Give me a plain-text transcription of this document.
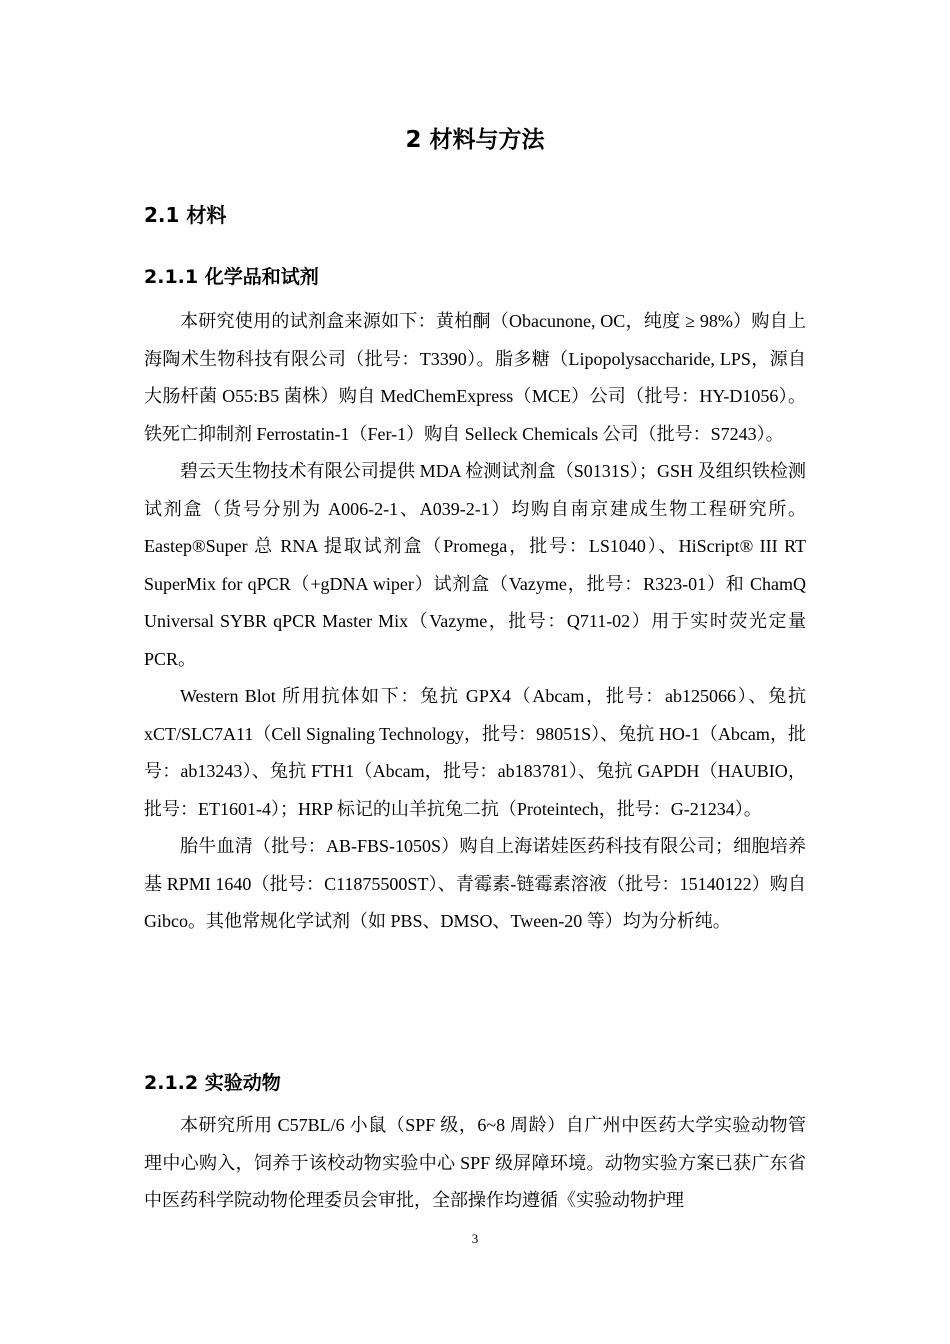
2 材料与方法
2.1 材料
2.1.1 化学品和试剂

本研究使用的试剂盒来源如下：黄柏酮（Obacunone, OC，纯度 ≥ 98%）购自上海陶术生物科技有限公司（批号：T3390）。脂多糖（Lipopolysaccharide, LPS，源自大肠杆菌 O55:B5 菌株）购自 MedChemExpress（MCE）公司（批号：HY-D1056）。铁死亡抑制剂 Ferrostatin-1（Fer-1）购自 Selleck Chemicals 公司（批号：S7243）。

碧云天生物技术有限公司提供 MDA 检测试剂盒（S0131S）；GSH 及组织铁检测试剂盒（货号分别为 A006-2-1、A039-2-1）均购自南京建成生物工程研究所。Eastep®Super 总 RNA 提取试剂盒（Promega，批号：LS1040）、HiScript® III RT SuperMix for qPCR（+gDNA wiper）试剂盒（Vazyme，批号：R323-01）和 ChamQ Universal SYBR qPCR Master Mix（Vazyme，批号：Q711-02）用于实时荧光定量 PCR。

Western Blot 所用抗体如下：兔抗 GPX4（Abcam，批号：ab125066）、兔抗 xCT/SLC7A11（Cell Signaling Technology，批号：98051S）、兔抗 HO-1（Abcam，批号：ab13243）、兔抗 FTH1（Abcam，批号：ab183781）、兔抗 GAPDH（HAUBIO，批号：ET1601-4）；HRP 标记的山羊抗兔二抗（Proteintech，批号：G-21234）。

胎牛血清（批号：AB-FBS-1050S）购自上海诺娃医药科技有限公司；细胞培养基 RPMI 1640（批号：C11875500ST）、青霉素-链霉素溶液（批号：15140122）购自 Gibco。其他常规化学试剂（如 PBS、DMSO、Tween-20 等）均为分析纯。

2.1.2 实验动物

本研究所用 C57BL/6 小鼠（SPF 级，6~8 周龄）自广州中医药大学实验动物管理中心购入，饲养于该校动物实验中心 SPF 级屏障环境。动物实验方案已获广东省中医药科学院动物伦理委员会审批，全部操作均遵循《实验动物护理

3
